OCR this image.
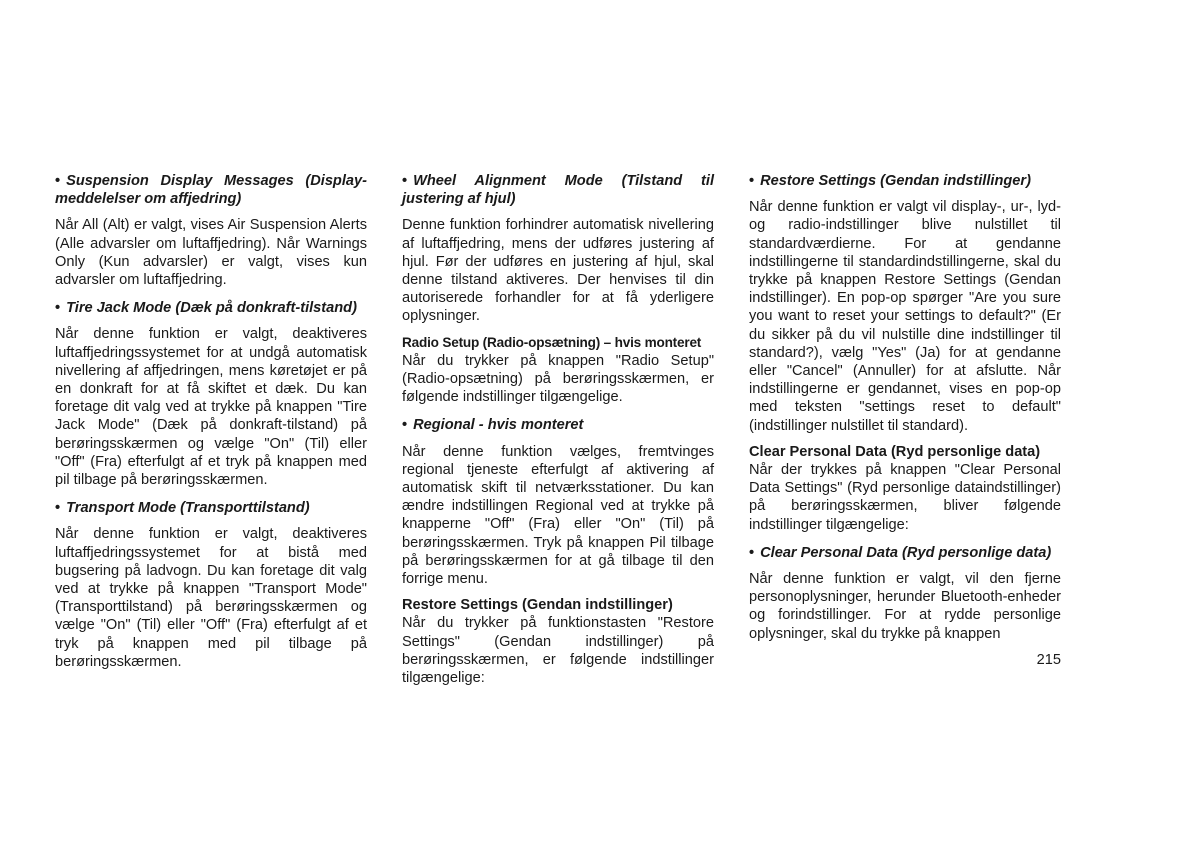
• Suspension Display Messages (Display-meddelelser om affjedring)

Når All (Alt) er valgt, vises Air Suspension Alerts (Alle advarsler om luftaffjedring). Når Warnings Only (Kun advarsler) er valgt, vises kun advarsler om luftaffjedring.

• Tire Jack Mode (Dæk på donkraft-tilstand)

Når denne funktion er valgt, deaktiveres luftaffjedringssystemet for at undgå automatisk nivellering af affjedringen, mens køretøjet er på en donkraft for at få skiftet et dæk. Du kan foretage dit valg ved at trykke på knappen "Tire Jack Mode" (Dæk på donkraft-tilstand) på berøringsskærmen og vælge "On" (Til) eller "Off" (Fra) efterfulgt af et tryk på knappen med pil tilbage på berøringsskærmen.

• Transport Mode (Transporttilstand)

Når denne funktion er valgt, deaktiveres luftaffjedringssystemet for at bistå med bugsering på ladvogn. Du kan foretage dit valg ved at trykke på knappen "Transport Mode" (Transporttilstand) på berøringsskærmen og vælge "On" (Til) eller "Off" (Fra) efterfulgt af et tryk på knappen med pil tilbage på berøringsskærmen.

• Wheel Alignment Mode (Tilstand til justering af hjul)

Denne funktion forhindrer automatisk nivellering af luftaffjedring, mens der udføres justering af hjul. Før der udføres en justering af hjul, skal denne tilstand aktiveres. Der henvises til din autoriserede forhandler for at få yderligere oplysninger.

Radio Setup (Radio-opsætning) – hvis monteret

Når du trykker på knappen "Radio Setup" (Radio-opsætning) på berøringsskærmen, er følgende indstillinger tilgængelige.

• Regional - hvis monteret

Når denne funktion vælges, fremtvinges regional tjeneste efterfulgt af aktivering af automatisk skift til netværksstationer. Du kan ændre indstillingen Regional ved at trykke på knapperne "Off" (Fra) eller "On" (Til) på berøringsskærmen. Tryk på knappen Pil tilbage på berøringsskærmen for at gå tilbage til den forrige menu.

Restore Settings (Gendan indstillinger)

Når du trykker på funktionstasten "Restore Settings" (Gendan indstillinger) på berøringsskærmen, er følgende indstillinger tilgængelige:

• Restore Settings (Gendan indstillinger)

Når denne funktion er valgt vil display-, ur-, lyd- og radio-indstillinger blive nulstillet til standardværdierne. For at gendanne indstillingerne til standardindstillingerne, skal du trykke på knappen Restore Settings (Gendan indstillinger). En pop-op spørger "Are you sure you want to reset your settings to default?" (Er du sikker på du vil nulstille dine indstillinger til standard?), vælg "Yes" (Ja) for at gendanne eller "Cancel" (Annuller) for at afslutte. Når indstillingerne er gendannet, vises en pop-op med teksten "settings reset to default" (indstillinger nulstillet til standard).

Clear Personal Data (Ryd personlige data)

Når der trykkes på knappen "Clear Personal Data Settings" (Ryd personlige dataindstillinger) på berøringsskærmen, bliver følgende indstillinger tilgængelige:

• Clear Personal Data (Ryd personlige data)

Når denne funktion er valgt, vil den fjerne personoplysninger, herunder Bluetooth-enheder og forindstillinger. For at rydde personlige oplysninger, skal du trykke på knappen

215
